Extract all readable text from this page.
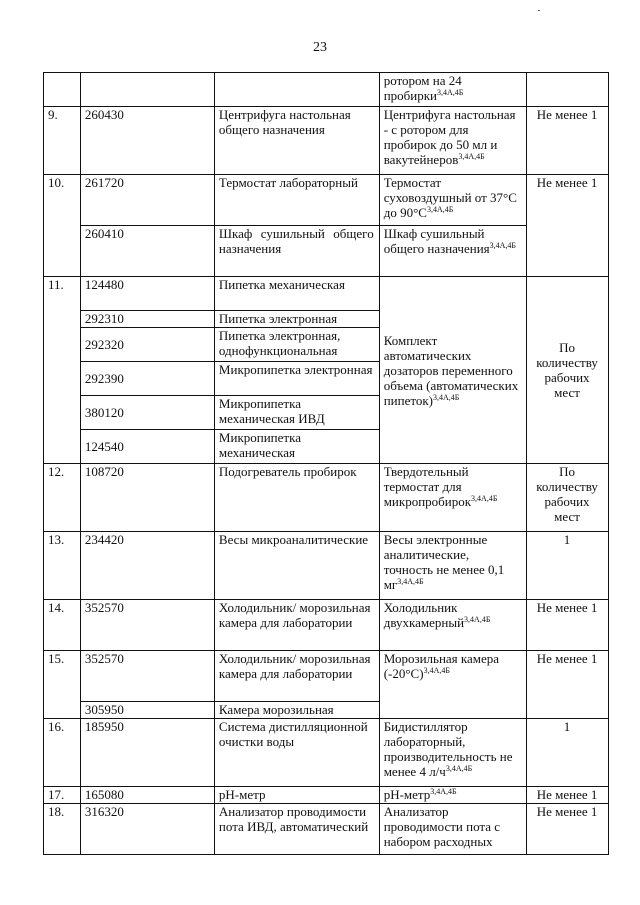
23
			ротором на 24 пробирки$^{3,4А,4Б}$	
9.	260430	Центрифуга настольная общего назначения	Центрифуга настольная - с ротором для пробирок до 50 мл и вакутейнеров$^{3,4А,4Б}$	Не менее 1
10.	261720	Термостат лабораторный	Термостат суховоздушный от 37°С до $90^\circ С^{3,4А,4Б}$	Не менее 1
	260410	Шкаф сушильный общего назначения	Шкаф сушильный общего назначения$^{3,4А,4Б}$
11.	124480	Пипетка механическая	Комплект автоматических дозаторов переменного объема (автоматических пипеток)$^{3,4А,4Б}$	По количеству рабочих мест
	292310	Пипетка электронная		
	292320	Пипетка электронная, однофункциональная		
	292390	Микропипетка электронная		
	380120	Микропипетка механическая ИВД		
	124540	Микропипетка механическая		
12.	108720	Подогреватель пробирок	Твердотельный термостат для микропробирок$^{3,4А,4Б}$	По количеству рабочих мест
13.	234420	Весы микроаналитические	Весы электронные аналитические, точность не менее 0,1 $мг^{3,4А,4Б}$	1
14.	352570	Холодильник/ морозильная камера для лаборатории	Холодильник двухкамерный$^{3,4А,4Б}$	Не менее 1
15.	352570	Холодильник/ морозильная камера для лаборатории	Морозильная камера $(-20^\circ С)^{3,4А,4Б}$	Не менее 1
	305950	Камера морозильная		
16.	185950	Система дистилляционной очистки воды	Бидистиллятор лабораторный, производительность не менее 4 $л/ч^{3,4А,4Б}$	1
17.	165080	рН-метр	рН-метр$^{3,4А,4Б}$	Не менее 1
18.	316320	Анализатор проводимости пота ИВД, автоматический	Анализатор проводимости пота с набором расходных	Не менее 1
